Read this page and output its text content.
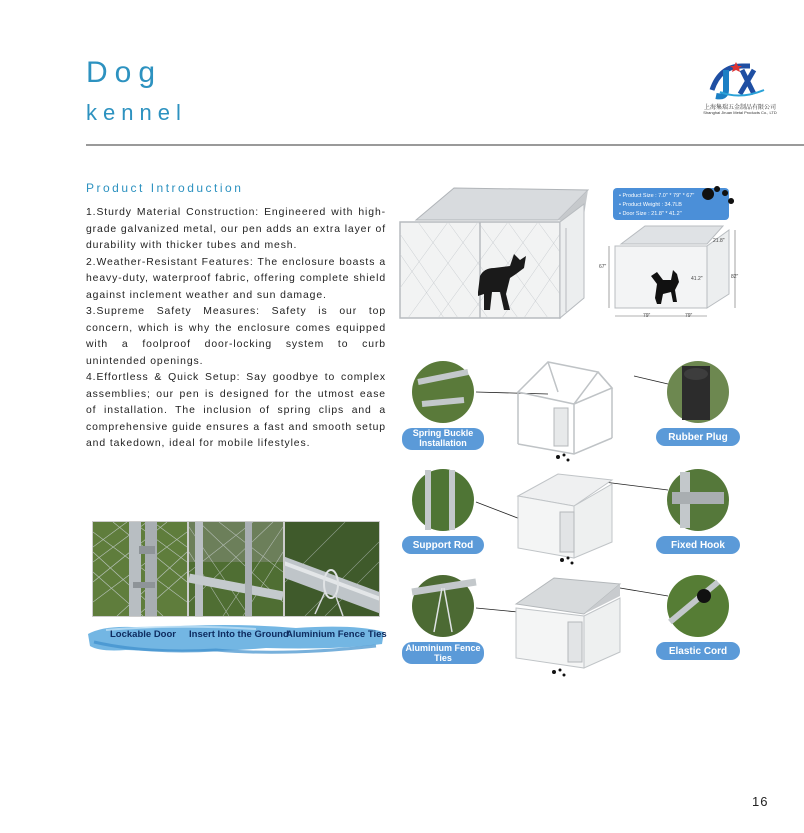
Dog
kennel	上海集瑞五金制品有限公司
Shanghai Jiruan Metal Products Co., LTD
Product Introduction

1.Sturdy Material Construction: Engineered with high-grade galvanized metal, our pen adds an extra layer of durability with thicker tubes and mesh.

2.Weather-Resistant Features: The enclosure boasts a heavy-duty, waterproof fabric, offering complete shield against inclement weather and sun damage.

3.Supreme Safety Measures: Safety is our top concern, which is why the enclosure comes equipped with a foolproof door-locking system to curb unintended openings.

4.Effortless & Quick Setup: Say goodbye to complex assemblies; our pen is designed for the utmost ease of installation. The inclusion of spring clips and a comprehensive guide ensures a fast and smooth setup and takedown, ideal for mobile lifestyles.

Lockable Door Insert Into the Ground
Aluminium Fence Ties
• Product Size : 7.0" * 79" * 67"
• Product Weight : 34.7LB
• Door Size : 21.8" * 41.2"
21.8"
41.2"
67"
82"
79"	79"
Spring Buckle Installation
Support Rod
Aluminium Fence Ties
Rubber Plug
Fixed Hook
Elastic Cord
16
